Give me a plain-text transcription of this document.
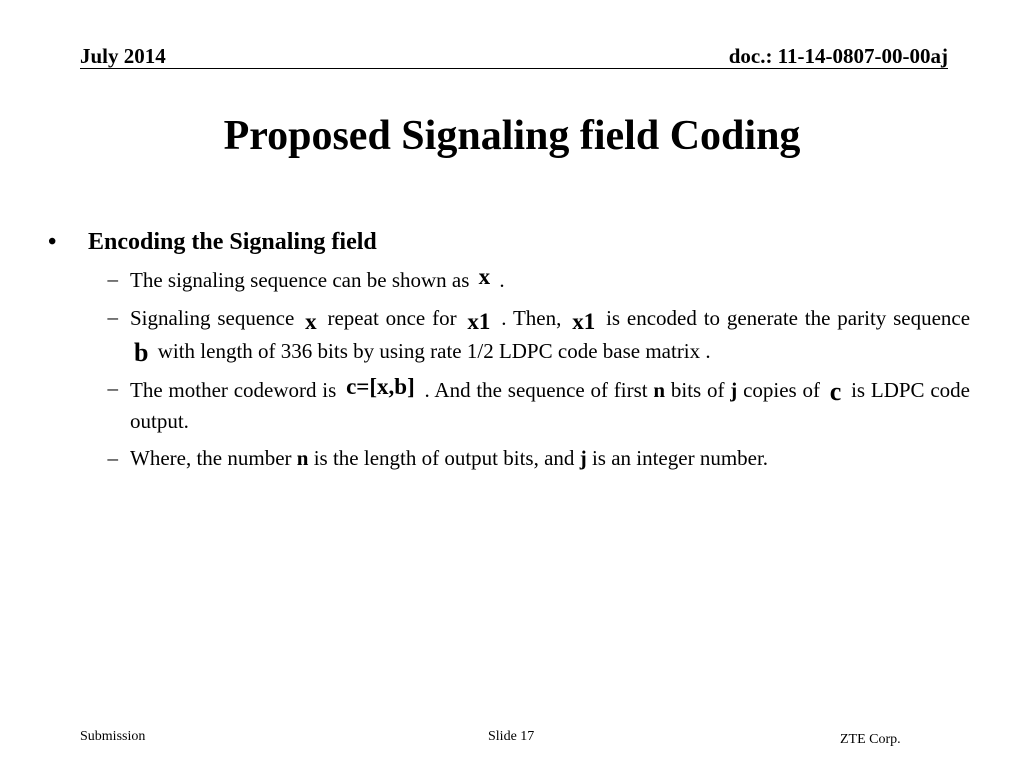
July 2014	doc.: 11-14-0807-00-00aj
Proposed Signaling field Coding
•	Encoding the Signaling field
– The signaling sequence can be shown as x .
– Signaling sequence x repeat once for x1 . Then, x1 is encoded to generate the parity sequence b with length of 336 bits by using rate 1/2 LDPC code base matrix .
– The mother codeword is c=[x,b] . And the sequence of first n bits of j copies of c is LDPC code output.
– Where, the number n is the length of output bits, and j is an integer number.
Submission	Slide 17	ZTE Corp.
